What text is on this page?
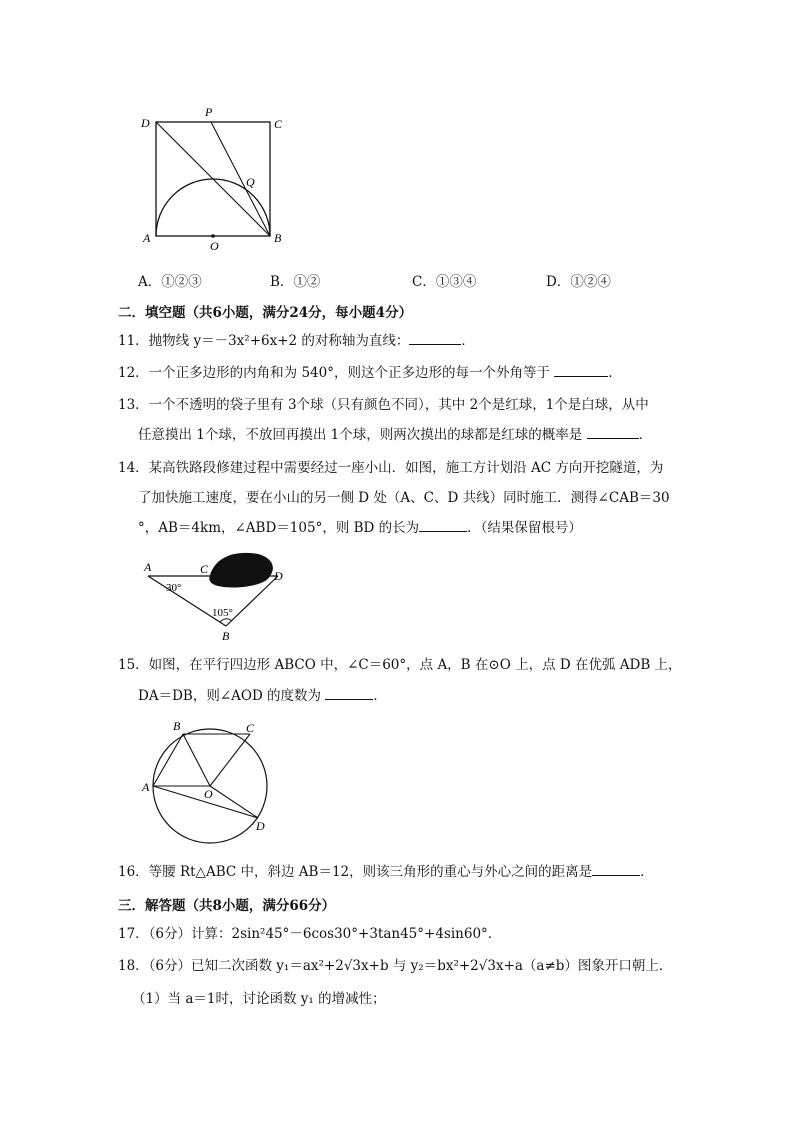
D
P
C
Q
A
O
B
A．①②③	B．①②	C．①③④	D．①②④
二．填空题（共6小题，满分24分，每小题4分）
11．抛物线 y＝－3x²+6x+2 的对称轴为直线：	．
12．一个正多边形的内角和为 540°，则这个正多边形的每一个外角等于	．
13．一个不透明的袋子里有 3个球（只有颜色不同），其中 2个是红球，1个是白球，从中
任意摸出 1个球，不放回再摸出 1个球，则两次摸出的球都是红球的概率是	．
14．某高铁路段修建过程中需要经过一座小山．如图，施工方计划沿 AC 方向开挖隧道，为
了加快施工速度，要在小山的另一侧 D 处（A、C、D 共线）同时施工．测得∠CAB＝30
°，AB＝4km，∠ABD＝105°，则 BD 的长为	．（结果保留根号）
A	C	D
B
30°
105°
15．如图，在平行四边形 ABCO 中，∠C＝60°，点 A，B 在⊙O 上，点 D 在优弧 ADB 上，
DA＝DB，则∠AOD 的度数为	．
A
B	C
O
D
16．等腰 Rt△ABC 中，斜边 AB＝12，则该三角形的重心与外心之间的距离是	．
三．解答题（共8小题，满分66分）
17．（6分）计算：2sin²45°－6cos30°+3tan45°+4sin60°．
18．（6分）已知二次函数 y₁＝ax²+2√3x+b 与 y₂＝bx²+2√3x+a（a≠b）图象开口朝上．
（1）当 a＝1时，讨论函数 y₁ 的增减性；
